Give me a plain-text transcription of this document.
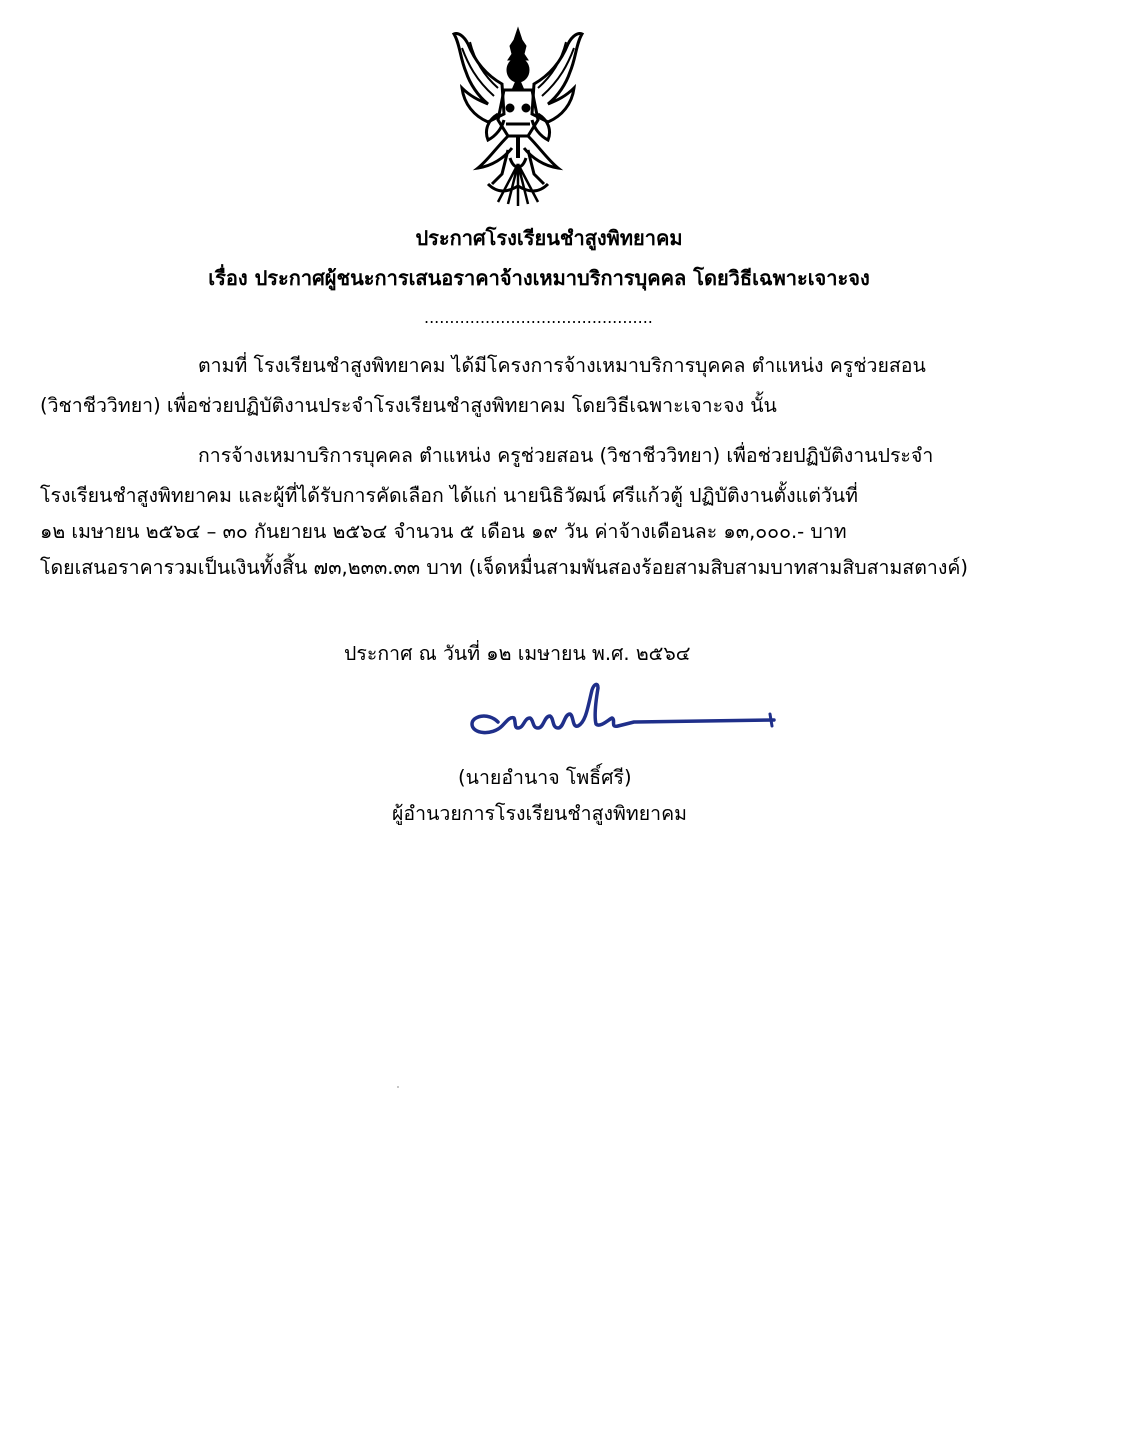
ประกาศโรงเรียนชำสูงพิทยาคม
เรื่อง ประกาศผู้ชนะการเสนอราคาจ้างเหมาบริการบุคคล โดยวิธีเฉพาะเจาะจง
.............................................
ตามที่ โรงเรียนชำสูงพิทยาคม ได้มีโครงการจ้างเหมาบริการบุคคล ตำแหน่ง ครูช่วยสอน
(วิชาชีววิทยา) เพื่อช่วยปฏิบัติงานประจำโรงเรียนชำสูงพิทยาคม โดยวิธีเฉพาะเจาะจง นั้น
การจ้างเหมาบริการบุคคล ตำแหน่ง ครูช่วยสอน (วิชาชีววิทยา) เพื่อช่วยปฏิบัติงานประจำ
โรงเรียนชำสูงพิทยาคม และผู้ที่ได้รับการคัดเลือก ได้แก่ นายนิธิวัฒน์ ศรีแก้วตู้ ปฏิบัติงานตั้งแต่วันที่
๑๒ เมษายน ๒๕๖๔ – ๓๐ กันยายน ๒๕๖๔ จำนวน ๕ เดือน ๑๙ วัน ค่าจ้างเดือนละ ๑๓,๐๐๐.- บาท
โดยเสนอราคารวมเป็นเงินทั้งสิ้น ๗๓,๒๓๓.๓๓ บาท (เจ็ดหมื่นสามพันสองร้อยสามสิบสามบาทสามสิบสามสตางค์)
ประกาศ ณ วันที่ ๑๒ เมษายน พ.ศ. ๒๕๖๔
(นายอำนาจ โพธิ์ศรี)
ผู้อำนวยการโรงเรียนชำสูงพิทยาคม
